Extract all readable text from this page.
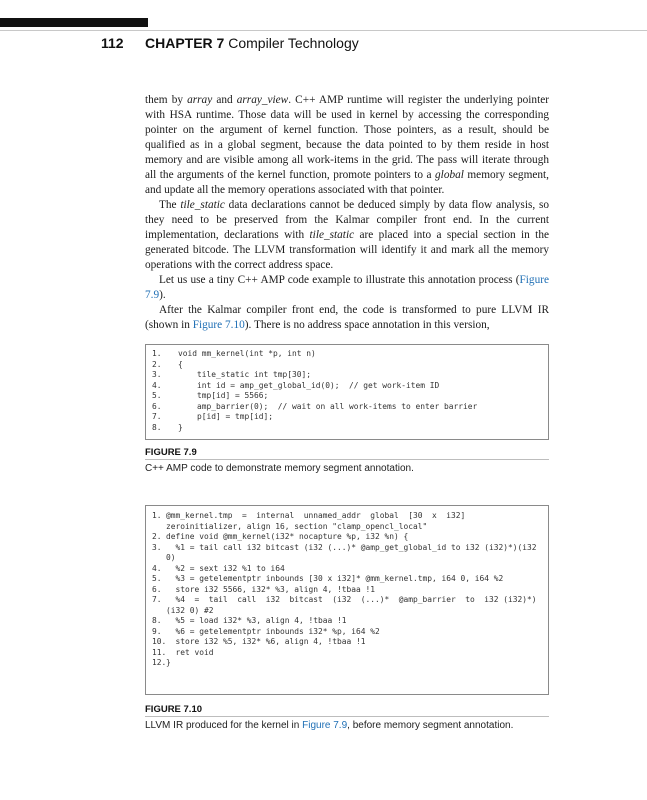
112 CHAPTER 7 Compiler Technology

them by array and array_view. C++ AMP runtime will register the underlying pointer with HSA runtime. Those data will be used in kernel by accessing the corresponding pointer on the argument of kernel function. Those pointers, as a result, should be qualified as in a global segment, because the data pointed to by them reside in host memory and are visible among all work-items in the grid. The pass will iterate through all the arguments of the kernel function, promote pointers to a global memory segment, and update all the memory operations associated with that pointer.

The tile_static data declarations cannot be deduced simply by data flow analysis, so they need to be preserved from the Kalmar compiler front end. In the current implementation, declarations with tile_static are placed into a special section in the generated bitcode. The LLVM transformation will identify it and mark all the memory operations with the correct address space.

Let us use a tiny C++ AMP code example to illustrate this annotation process (Figure 7.9).

After the Kalmar compiler front end, the code is transformed to pure LLVM IR (shown in Figure 7.10). There is no address space annotation in this version,

1.	void mm_kernel(int *p, int n)
2.	{
3.	tile_static int tmp[30];
4.	int id = amp_get_global_id(0);  // get work-item ID
5.	tmp[id] = 5566;
6.	amp_barrier(0);  // wait on all work-items to enter barrier
7.	p[id] = tmp[id];
8.	}
FIGURE 7.9
C++ AMP code to demonstrate memory segment annotation.
1. @mm_kernel.tmp  =  internal  unnamed_addr  global  [30  x  i32] zeroinitializer, align 16, section "clamp_opencl_local"
2. define void @mm_kernel(i32* nocapture %p, i32 %n) {
3. %1 = tail call i32 bitcast (i32 (...)* @amp_get_global_id to i32 (i32)*)(i32 0)
4. %2 = sext i32 %1 to i64
5. %3 = getelementptr inbounds [30 x i32]* @mm_kernel.tmp, i64 0, i64 %2
6. store i32 5566, i32* %3, align 4, !tbaa !1
7. %4  =  tail  call  i32  bitcast  (i32  (...)*  @amp_barrier  to  i32 (i32)*)(i32 0) #2
8. %5 = load i32* %3, align 4, !tbaa !1
9. %6 = getelementptr inbounds i32* %p, i64 %2
10. store i32 %5, i32* %6, align 4, !tbaa !1
11. ret void
12. }
FIGURE 7.10
LLVM IR produced for the kernel in Figure 7.9, before memory segment annotation.
